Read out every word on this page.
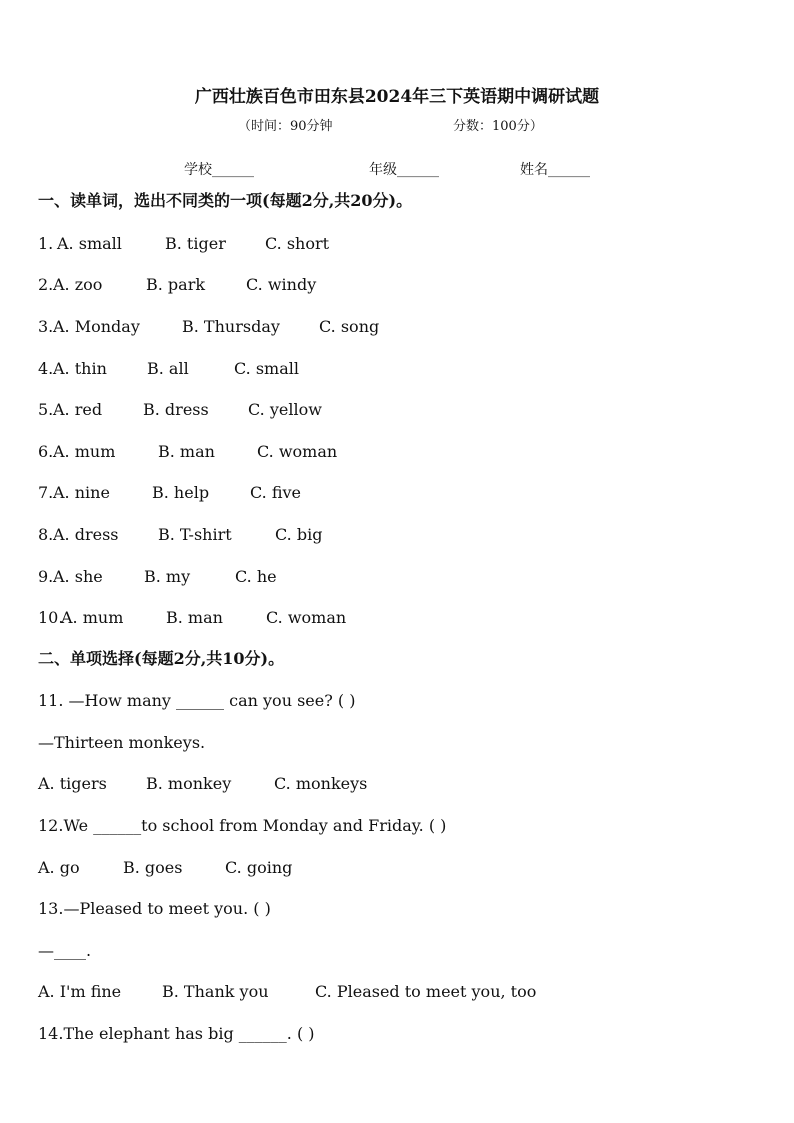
广西壮族百色市田东县2024年三下英语期中调研试题
（时间：90分钟	分数：100分）
学校______	年级______	姓名______
一、读单词，选出不同类的一项(每题2分,共20分)。
1. A. small	B. tiger C. short
2. A. zoo	B. park	C. windy
3. A. Monday	B. Thursday C. song
4. A. thin	B. all	C. small
5. A. red	B. dress C. yellow
6. A. mum	B. man	C. woman
7. A. nine	B. help	C. five
8. A. dress B. T-shirt	C. big
9. A. she	B. my	C. he
10.
A. mum	B. man	C. woman
二、单项选择(每题2分,共10分)。
11. —How many ______ can you see? ( )
—Thirteen monkeys.
A. tigers B. monkey	C. monkeys
12.We ______to school from Monday and Friday. ( )
A. go	B. goes	C. going
13.—Pleased to meet you. ( )
—____.
A. I'm fine	B. Thank you	C. Pleased to meet you, too
14.The elephant has big ______. ( )
